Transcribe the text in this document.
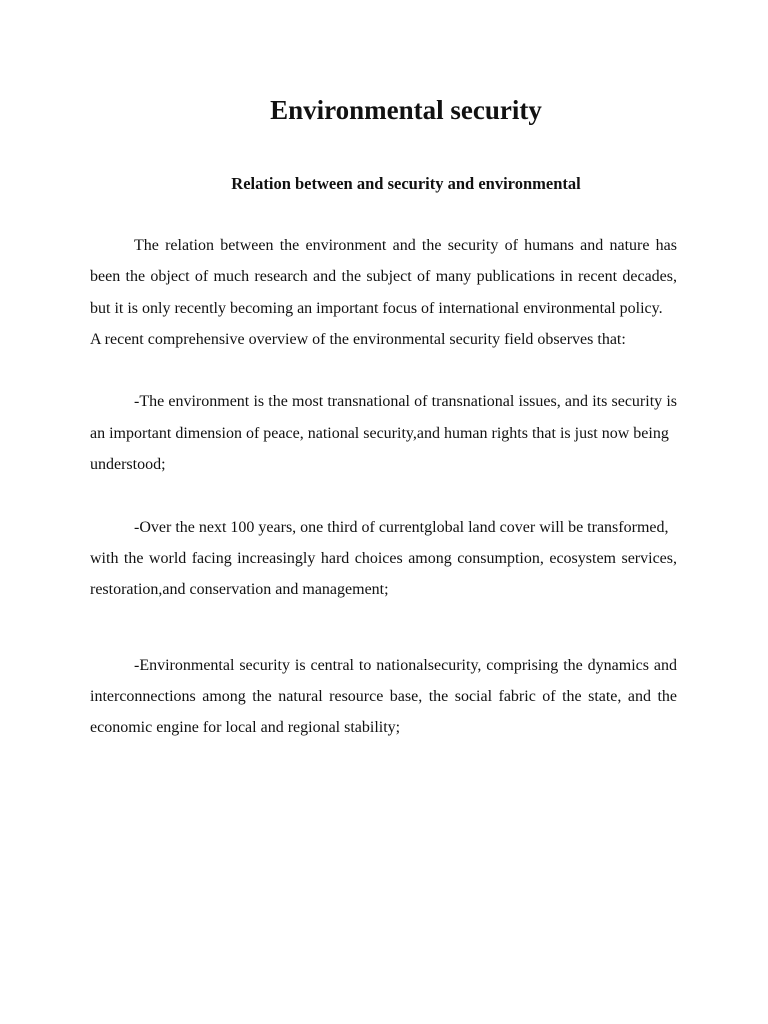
Environmental security
Relation between and security and environmental

The relation between the environment and the security of humans and nature has been the object of much research and the subject of many publications in recent decades, but it is only recently becoming an important focus of international environmental policy.

A recent comprehensive overview of the environmental security field observes that:

-The environment is the most transnational of transnational issues, and its security is an important dimension of peace, national security,and human rights that is just now being

understood;

-Over the next 100 years, one third of currentglobal land cover will be transformed,

with the world facing increasingly hard choices among consumption, ecosystem services, restoration,and conservation and management;

-Environmental security is central to nationalsecurity, comprising the dynamics and interconnections among the natural resource base, the social fabric of the state, and the economic engine for local and regional stability;
